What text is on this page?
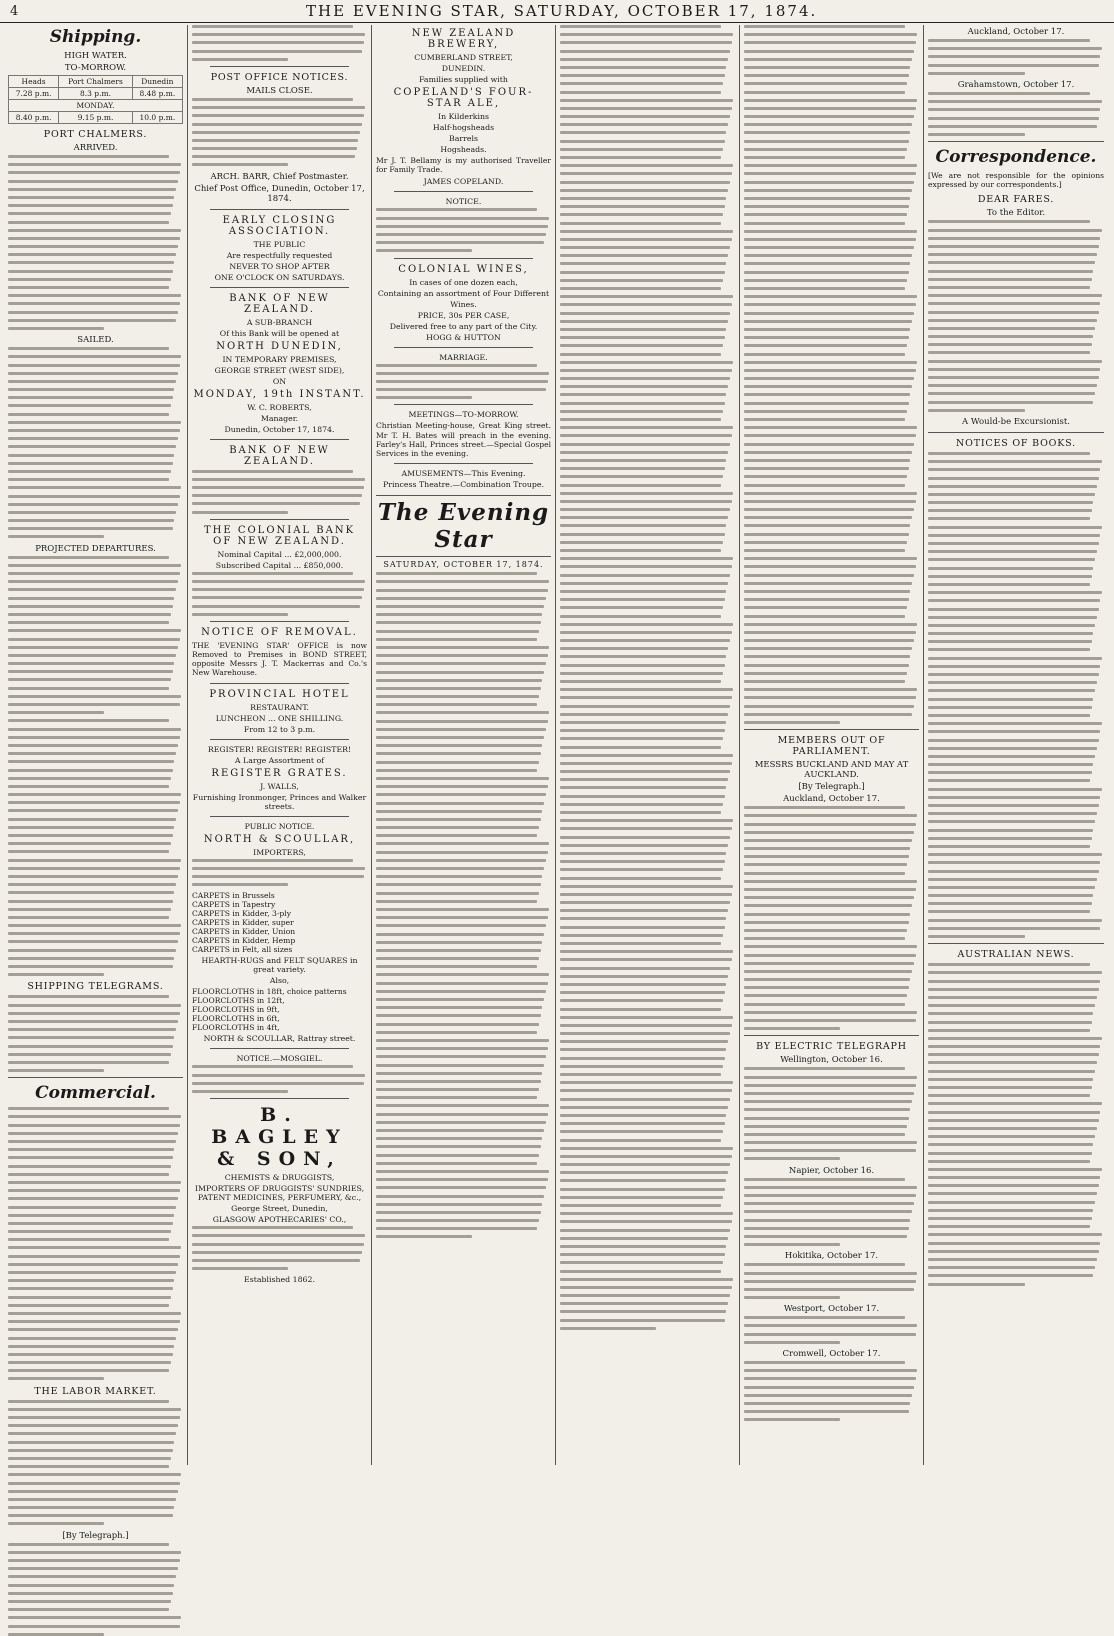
4	THE EVENING STAR, SATURDAY, OCTOBER 17, 1874.
Shipping.
HIGH WATER.
TO-MORROW.
Heads	Port Chalmers	Dunedin
7.28 p.m.	8.3 p.m.	8.48 p.m.
MONDAY.		
8.40 p.m.	9.15 p.m.	10.0 p.m.
PORT CHALMERS.
ARRIVED.
SAILED.
PROJECTED DEPARTURES.
SHIPPING TELEGRAMS.
Commercial.
THE LABOR MARKET.
[By Telegraph.]
POST OFFICE NOTICES.
MAILS CLOSE.
ARCH. BARR, Chief Postmaster.
Chief Post Office, Dunedin, October 17, 1874.
EARLY CLOSING ASSOCIATION.
THE PUBLIC
Are respectfully requested
NEVER TO SHOP AFTER
ONE O'CLOCK ON SATURDAYS.
BANK OF NEW ZEALAND.
A SUB-BRANCH
Of this Bank will be opened at
NORTH DUNEDIN,
IN TEMPORARY PREMISES,
GEORGE STREET (WEST SIDE),
ON
MONDAY, 19th INSTANT.
W. C. ROBERTS,
Manager.
Dunedin, October 17, 1874.
BANK OF NEW ZEALAND.
THE COLONIAL BANK OF NEW ZEALAND.
Nominal Capital ... £2,000,000.
Subscribed Capital ... £850,000.
NOTICE OF REMOVAL.
THE 'EVENING STAR' OFFICE is now Removed to Premises in BOND STREET, opposite Messrs J. T. Mackerras and Co.'s New Warehouse.
PROVINCIAL HOTEL
RESTAURANT.
LUNCHEON ... ONE SHILLING.
From 12 to 3 p.m.
REGISTER! REGISTER! REGISTER!
A Large Assortment of
REGISTER GRATES.
J. WALLS,
Furnishing Ironmonger, Princes and Walker streets.
PUBLIC NOTICE.
NORTH & SCOULLAR,
IMPORTERS,
CARPETS in Brussels
CARPETS in Tapestry
CARPETS in Kidder, 3-ply
CARPETS in Kidder, super
CARPETS in Kidder, Union
CARPETS in Kidder, Hemp
CARPETS in Felt, all sizes
HEARTH-RUGS and FELT SQUARES in great variety.
Also,
FLOORCLOTHS in 18ft, choice patterns
FLOORCLOTHS in 12ft,
FLOORCLOTHS in 9ft,
FLOORCLOTHS in 6ft,
FLOORCLOTHS in 4ft,
NORTH & SCOULLAR, Rattray street.
NOTICE.—MOSGIEL.
B. BAGLEY & SON,
CHEMISTS & DRUGGISTS,
IMPORTERS OF DRUGGISTS' SUNDRIES, PATENT MEDICINES, PERFUMERY, &c.,
George Street, Dunedin,
GLASGOW APOTHECARIES' CO.,
Established 1862.
NEW ZEALAND BREWERY,
CUMBERLAND STREET,
DUNEDIN.
Families supplied with
COPELAND'S FOUR-STAR ALE,
In Kilderkins
Half-hogsheads
Barrels
Hogsheads.
Mr J. T. Bellamy is my authorised Traveller for Family Trade.
JAMES COPELAND.
NOTICE.
COLONIAL WINES,
In cases of one dozen each,
Containing an assortment of Four Different
Wines.
PRICE, 30s PER CASE,
Delivered free to any part of the City.
HOGG & HUTTON
MARRIAGE.
MEETINGS—TO-MORROW.
Christian Meeting-house, Great King street. Mr T. H. Bates will preach in the evening. Farley's Hall, Princes street.—Special Gospel Services in the evening.
AMUSEMENTS—This Evening.
Princess Theatre.—Combination Troupe.
The Evening Star
SATURDAY, OCTOBER 17, 1874.
MEMBERS OUT OF PARLIAMENT.
MESSRS BUCKLAND AND MAY AT AUCKLAND.
[By Telegraph.]
Auckland, October 17.
BY ELECTRIC TELEGRAPH
Wellington, October 16.
Napier, October 16.
Hokitika, October 17.
Westport, October 17.
Cromwell, October 17.
Auckland, October 17.
Grahamstown, October 17.
Correspondence.
[We are not responsible for the opinions expressed by our correspondents.]
DEAR FARES.
To the Editor.
A Would-be Excursionist.
NOTICES OF BOOKS.
AUSTRALIAN NEWS.
